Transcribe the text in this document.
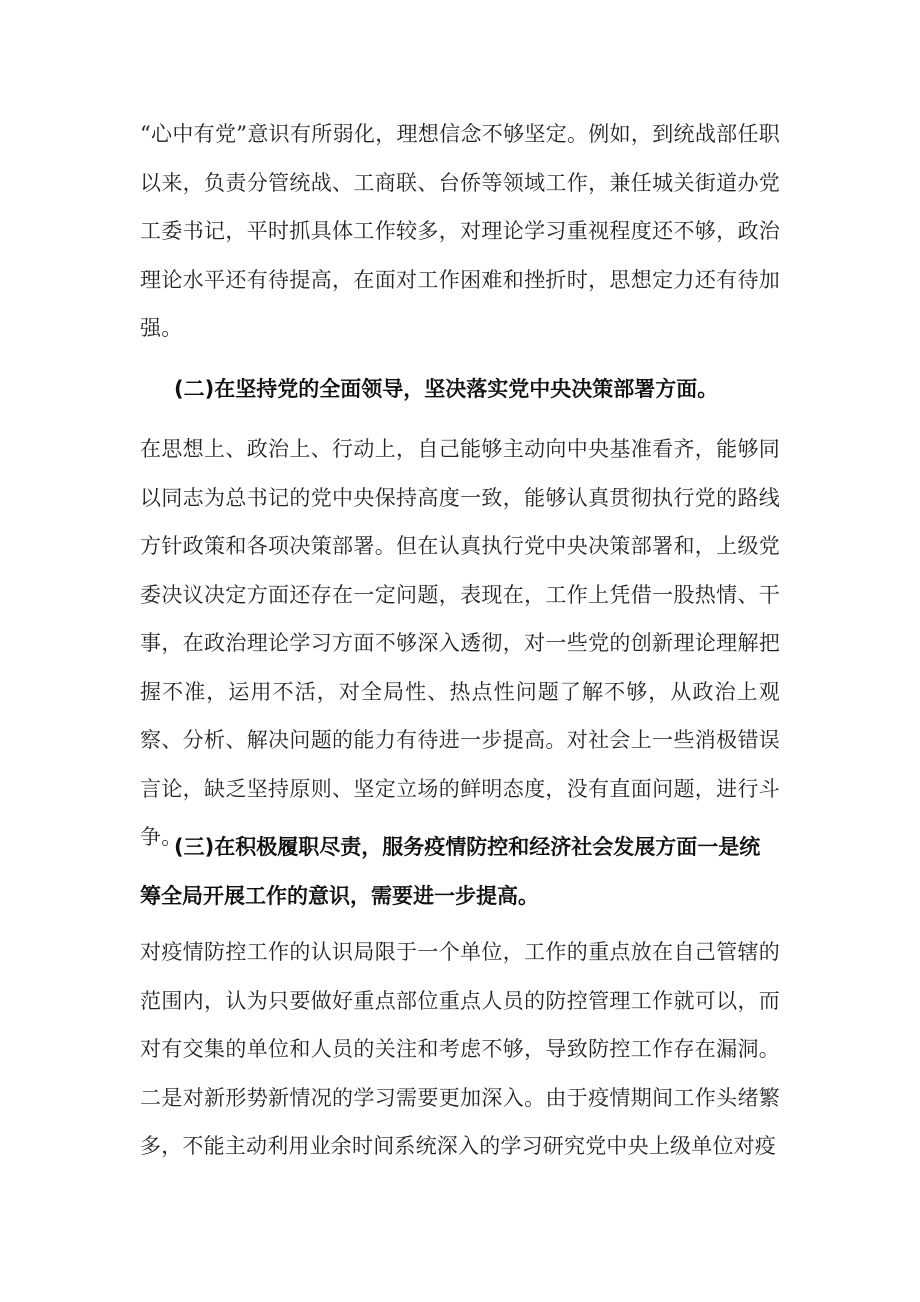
“心中有党”意识有所弱化，理想信念不够坚定。例如，到统战部任职以来，负责分管统战、工商联、台侨等领域工作，兼任城关街道办党工委书记，平时抓具体工作较多，对理论学习重视程度还不够，政治理论水平还有待提高，在面对工作困难和挫折时，思想定力还有待加强。

(二)在坚持党的全面领导，坚决落实党中央决策部署方面。

在思想上、政治上、行动上，自己能够主动向中央基准看齐，能够同以同志为总书记的党中央保持高度一致，能够认真贯彻执行党的路线方针政策和各项决策部署。但在认真执行党中央决策部署和，上级党委决议决定方面还存在一定问题，表现在，工作上凭借一股热情、干事，在政治理论学习方面不够深入透彻，对一些党的创新理论理解把握不准，运用不活，对全局性、热点性问题了解不够，从政治上观察、分析、解决问题的能力有待进一步提高。对社会上一些消极错误言论，缺乏坚持原则、坚定立场的鲜明态度，没有直面问题，进行斗争。

(三)在积极履职尽责，服务疫情防控和经济社会发展方面一是统筹全局开展工作的意识，需要进一步提高。

对疫情防控工作的认识局限于一个单位，工作的重点放在自己管辖的范围内，认为只要做好重点部位重点人员的防控管理工作就可以，而对有交集的单位和人员的关注和考虑不够，导致防控工作存在漏洞。二是对新形势新情况的学习需要更加深入。由于疫情期间工作头绪繁多，不能主动利用业余时间系统深入的学习研究党中央上级单位对疫
